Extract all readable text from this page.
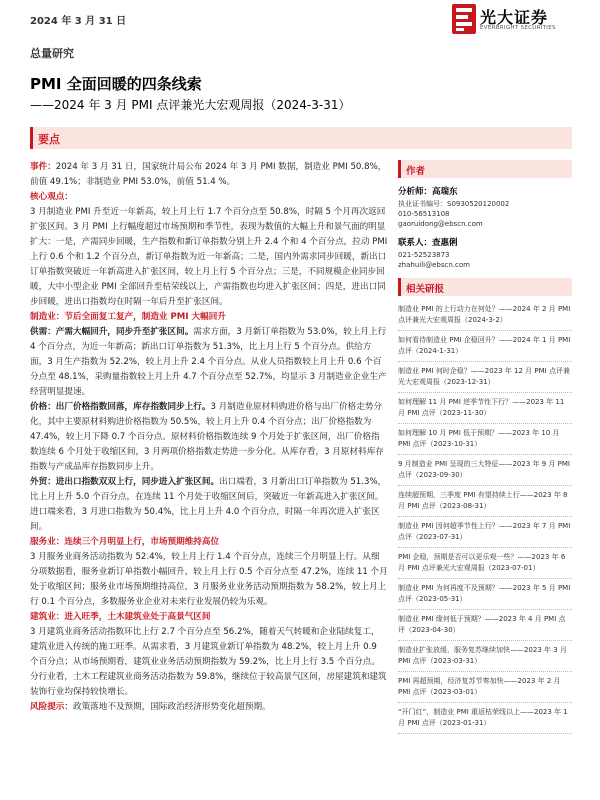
2024 年 3 月 31 日	光大证券
EVERBRIGHT SECURITIES
总量研究
PMI 全面回暖的四条线索
——2024 年 3 月 PMI 点评兼光大宏观周报（2024-3-31）
要点

事件：2024 年 3 月 31 日，国家统计局公布 2024 年 3 月 PMI 数据，制造业 PMI 50.8%，前值 49.1%；非制造业 PMI 53.0%，前值 51.4 %。

核心观点：

3 月制造业 PMI 升至近一年新高，较上月上行 1.7 个百分点至 50.8%，时隔 5 个月再次返回扩张区间。3 月 PMI 上行幅度超过市场预期和季节性，表现为数值的大幅上升和景气面的明显扩大：一是，产需同步回暖，生产指数和新订单指数分别上升 2.4 个和 4 个百分点，拉动 PMI 上行 0.6 个和 1.2 个百分点，新订单指数为近一年新高；二是，国内外需求同步回暖，新出口订单指数突破近一年新高进入扩张区间，较上月上行 5 个百分点；三是，不同规模企业同步回暖，大中小型企业 PMI 全部回升至枯荣线以上，产需指数也均进入扩张区间；四是，进出口同步回暖，进出口指数均在时隔一年后升至扩张区间。

制造业：节后全面复工复产，制造业 PMI 大幅回升

供需：产需大幅回升，同步升至扩张区间。需求方面，3 月新订单指数为 53.0%，较上月上行 4 个百分点，为近一年新高；新出口订单指数为 51.3%，比上月上行 5 个百分点。供给方面，3 月生产指数为 52.2%，较上月上升 2.4 个百分点。从业人员指数较上月上升 0.6 个百分点至 48.1%，采购量指数较上月上升 4.7 个百分点至 52.7%，均显示 3 月制造业企业生产经营明显提速。

价格：出厂价格指数回落，库存指数同步上行。3 月制造业原材料购进价格与出厂价格走势分化，其中主要原材料购进价格指数为 50.5%，较上月上升 0.4 个百分点；出厂价格指数为 47.4%，较上月下降 0.7 个百分点。原材料价格指数连续 9 个月处于扩张区间，出厂价格指数连续 6 个月处于收缩区间，3 月两项价格指数走势进一步分化。从库存看，3 月原材料库存指数与产成品库存指数同步上升。

外贸：进出口指数双双上行，同步进入扩张区间。出口端看，3 月新出口订单指数为 51.3%，比上月上升 5.0 个百分点，在连续 11 个月处于收缩区间后，突破近一年新高进入扩张区间。进口端来看，3 月进口指数为 50.4%，比上月上升 4.0 个百分点，时隔一年再次进入扩张区间。

服务业：连续三个月明显上行，市场预期维持高位

3 月服务业商务活动指数为 52.4%，较上月上行 1.4 个百分点，连续三个月明显上行。从细分项数据看，服务业新订单指数小幅回升，较上月上行 0.5 个百分点至 47.2%，连续 11 个月处于收缩区间；服务业市场预期维持高位，3 月服务业业务活动预期指数为 58.2%，较上月上行 0.1 个百分点，多数服务业企业对未来行业发展仍较为乐观。

建筑业：进入旺季，土木建筑业处于高景气区间

3 月建筑业商务活动指数环比上行 2.7 个百分点至 56.2%，随着天气转暖和企业陆续复工，建筑业进入传统的施工旺季。从需求看，3 月建筑业新订单指数为 48.2%，较上月上升 0.9 个百分点；从市场预期看，建筑业业务活动预期指数为 59.2%，比上月上行 3.5 个百分点。分行业看，土木工程建筑业商务活动指数为 59.8%，继续位于较高景气区间，房屋建筑和建筑装饰行业均保持较快增长。

风险提示：政策落地不及预期，国际政治经济形势变化超预期。

作者
分析师：高瑞东
执业证书编号：S0930520120002
010-56513108
gaoruidong@ebscn.com
联系人：查惠俐
021-52523873
zhahuili@ebscn.com
相关研报
制造业 PMI 的上行动力在何处？——2024 年 2 月 PMI 点评兼光大宏观周报（2024-3-2）
如何看待制造业 PMI 企稳回升？——2024 年 1 月 PMI 点评（2024-1-31）
制造业 PMI 何时企稳？——2023 年 12 月 PMI 点评兼光大宏观周报（2023-12-31）
如何理解 11 月 PMI 逆季节性下行？——2023 年 11 月 PMI 点评（2023-11-30）
如何理解 10 月 PMI 低于预期？——2023 年 10 月 PMI 点评（2023-10-31）
9 月制造业 PMI 呈现的三大特征——2023 年 9 月 PMI 点评（2023-09-30）
连续超预期，三季度 PMI 有望持续上行——2023 年 8 月 PMI 点评（2023-08-31）
制造业 PMI 因何超季节性上行？——2023 年 7 月 PMI 点评（2023-07-31）
PMI 企稳，预期是否可以更乐观一些？——2023 年 6 月 PMI 点评兼光大宏观周报（2023-07-01）
制造业 PMI 为何再度不及预期？——2023 年 5 月 PMI 点评（2023-05-31）
制造业 PMI 缘何低于预期？——2023 年 4 月 PMI 点评（2023-04-30）
制造业扩张放缓，服务复苏继续加快——2023 年 3 月 PMI 点评（2023-03-31）
PMI 再超预期，经济复苏节奏加快——2023 年 2 月 PMI 点评（2023-03-01）
“开门红”，制造业 PMI 重返枯荣线以上——2023 年 1 月 PMI 点评（2023-01-31）
